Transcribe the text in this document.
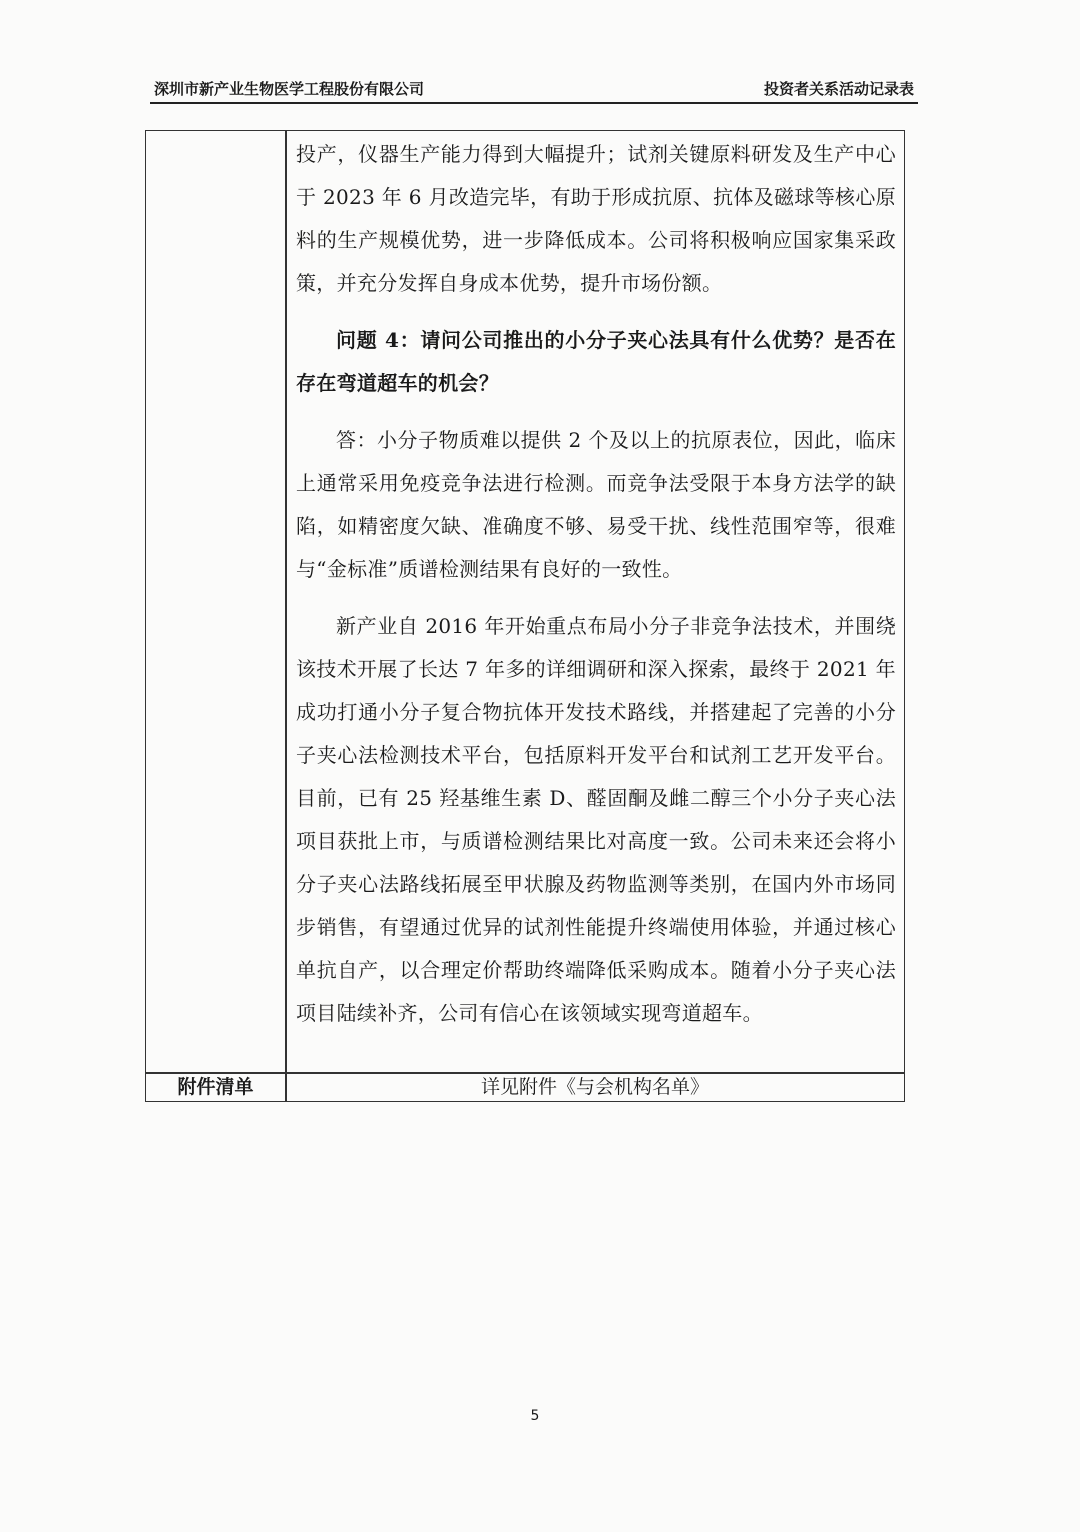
深圳市新产业生物医学工程股份有限公司	投资者关系活动记录表

投产，仪器生产能力得到大幅提升；试剂关键原料研发及生产中心于 2023 年 6 月改造完毕，有助于形成抗原、抗体及磁球等核心原料的生产规模优势，进一步降低成本。公司将积极响应国家集采政策，并充分发挥自身成本优势，提升市场份额。

问题 4：请问公司推出的小分子夹心法具有什么优势？是否在存在弯道超车的机会？

答：小分子物质难以提供 2 个及以上的抗原表位，因此，临床上通常采用免疫竞争法进行检测。而竞争法受限于本身方法学的缺陷，如精密度欠缺、准确度不够、易受干扰、线性范围窄等，很难与“金标准”质谱检测结果有良好的一致性。

新产业自 2016 年开始重点布局小分子非竞争法技术，并围绕该技术开展了长达 7 年多的详细调研和深入探索，最终于 2021 年成功打通小分子复合物抗体开发技术路线，并搭建起了完善的小分子夹心法检测技术平台，包括原料开发平台和试剂工艺开发平台。目前，已有 25 羟基维生素 D、醛固酮及雌二醇三个小分子夹心法项目获批上市，与质谱检测结果比对高度一致。公司未来还会将小分子夹心法路线拓展至甲状腺及药物监测等类别，在国内外市场同步销售，有望通过优异的试剂性能提升终端使用体验，并通过核心单抗自产，以合理定价帮助终端降低采购成本。随着小分子夹心法项目陆续补齐，公司有信心在该领域实现弯道超车。

附件清单	详见附件《与会机构名单》
5
